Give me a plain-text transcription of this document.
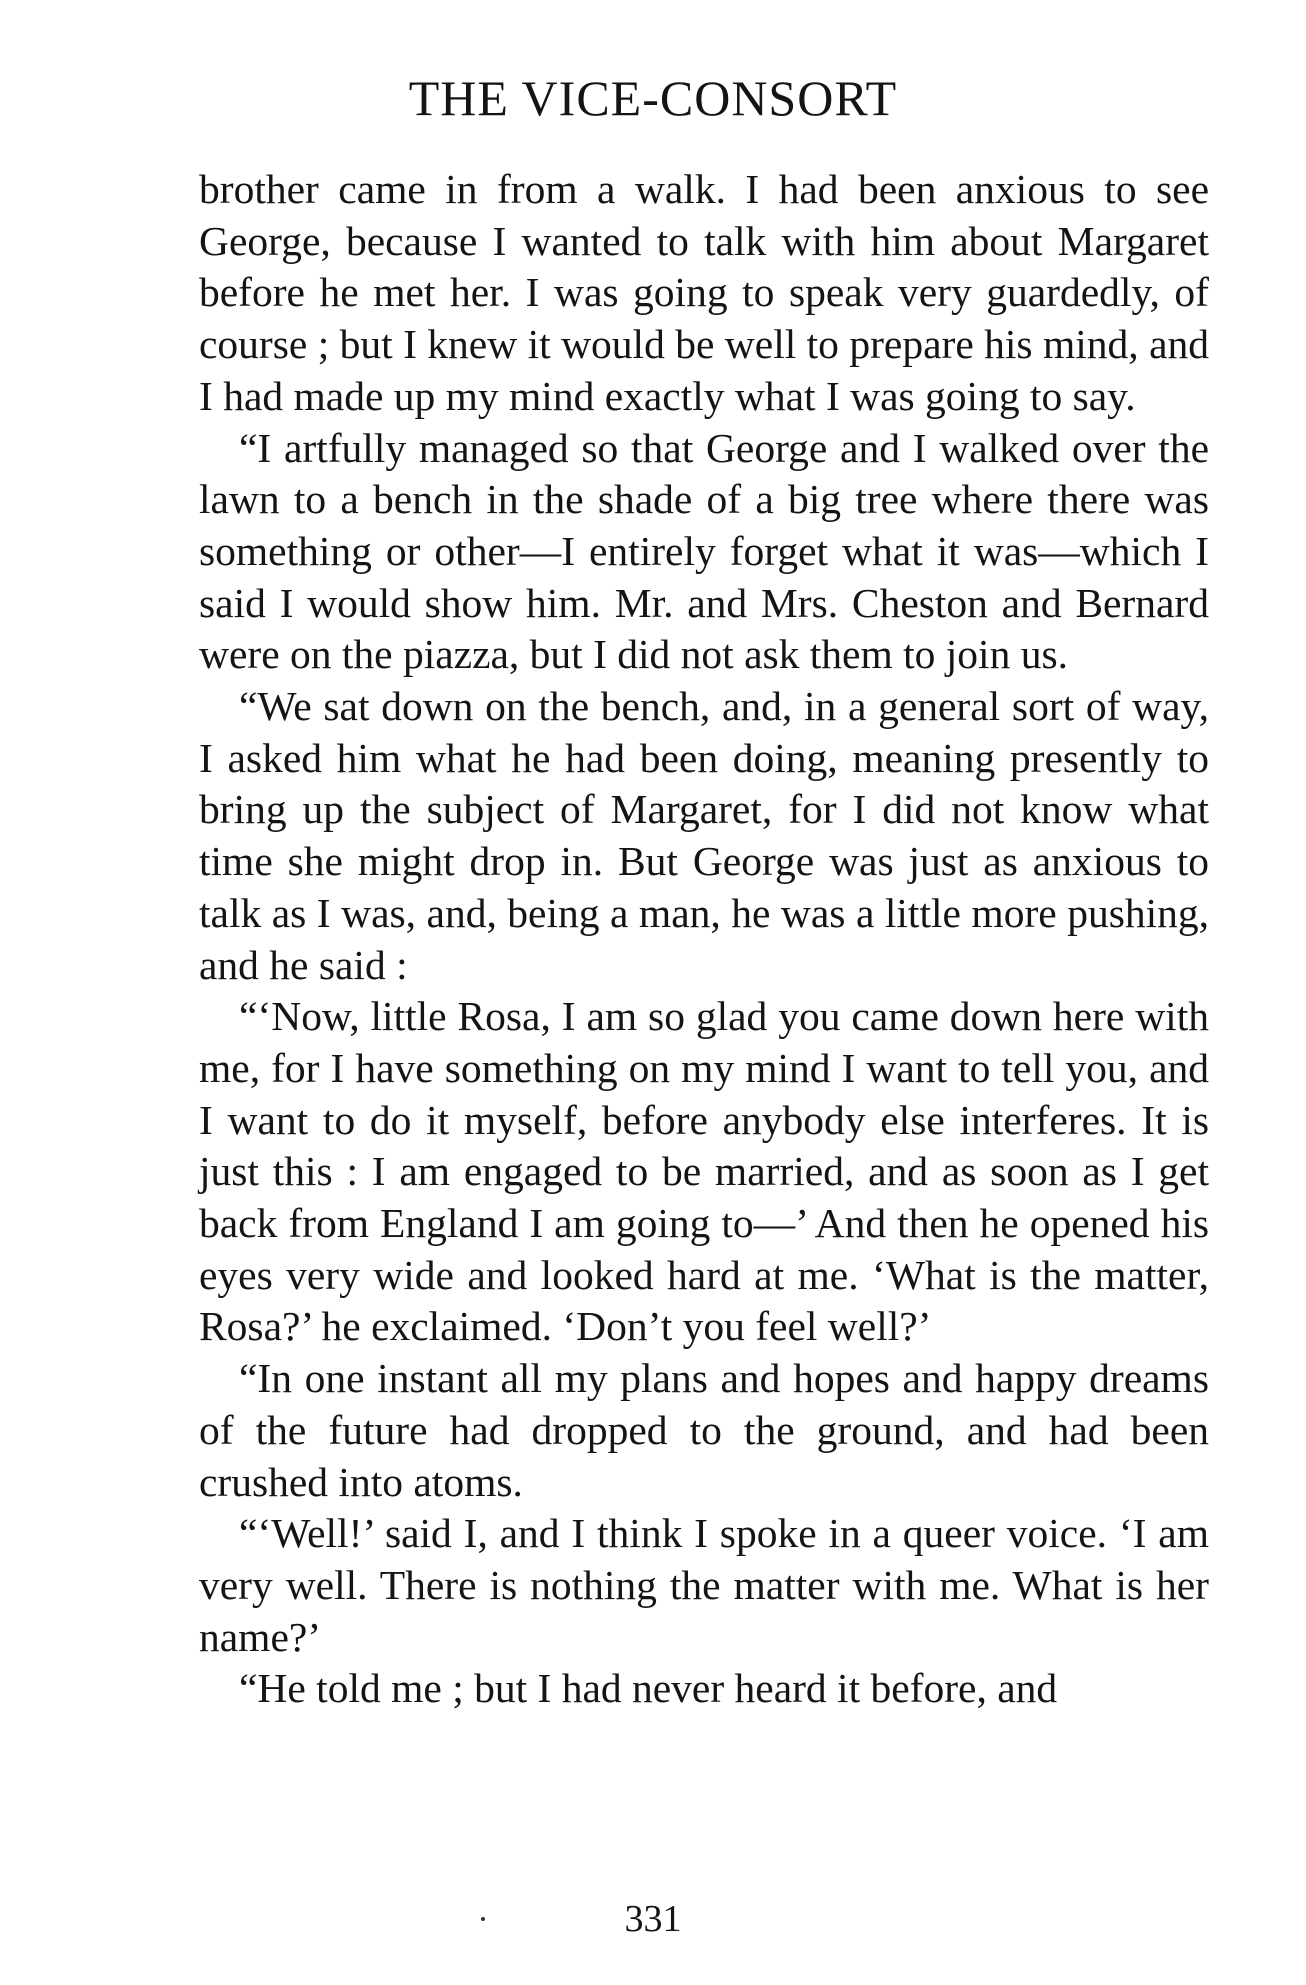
THE VICE-CONSORT

brother came in from a walk. I had been anxious to see George, because I wanted to talk with him about Margaret before he met her. I was going to speak very guardedly, of course ; but I knew it would be well to prepare his mind, and I had made up my mind exactly what I was going to say.

“I artfully managed so that George and I walked over the lawn to a bench in the shade of a big tree where there was something or other—I entirely forget what it was—which I said I would show him. Mr. and Mrs. Cheston and Bernard were on the piazza, but I did not ask them to join us.

“We sat down on the bench, and, in a general sort of way, I asked him what he had been doing, meaning presently to bring up the subject of Margaret, for I did not know what time she might drop in. But George was just as anxious to talk as I was, and, being a man, he was a little more pushing, and he said :

“‘Now, little Rosa, I am so glad you came down here with me, for I have something on my mind I want to tell you, and I want to do it myself, before anybody else interferes. It is just this : I am engaged to be married, and as soon as I get back from England I am going to—’ And then he opened his eyes very wide and looked hard at me. ‘What is the matter, Rosa?’ he exclaimed. ‘Don’t you feel well?’

“In one instant all my plans and hopes and happy dreams of the future had dropped to the ground, and had been crushed into atoms.

“‘Well!’ said I, and I think I spoke in a queer voice. ‘I am very well. There is nothing the matter with me. What is her name?’

“He told me ; but I had never heard it before, and

331
